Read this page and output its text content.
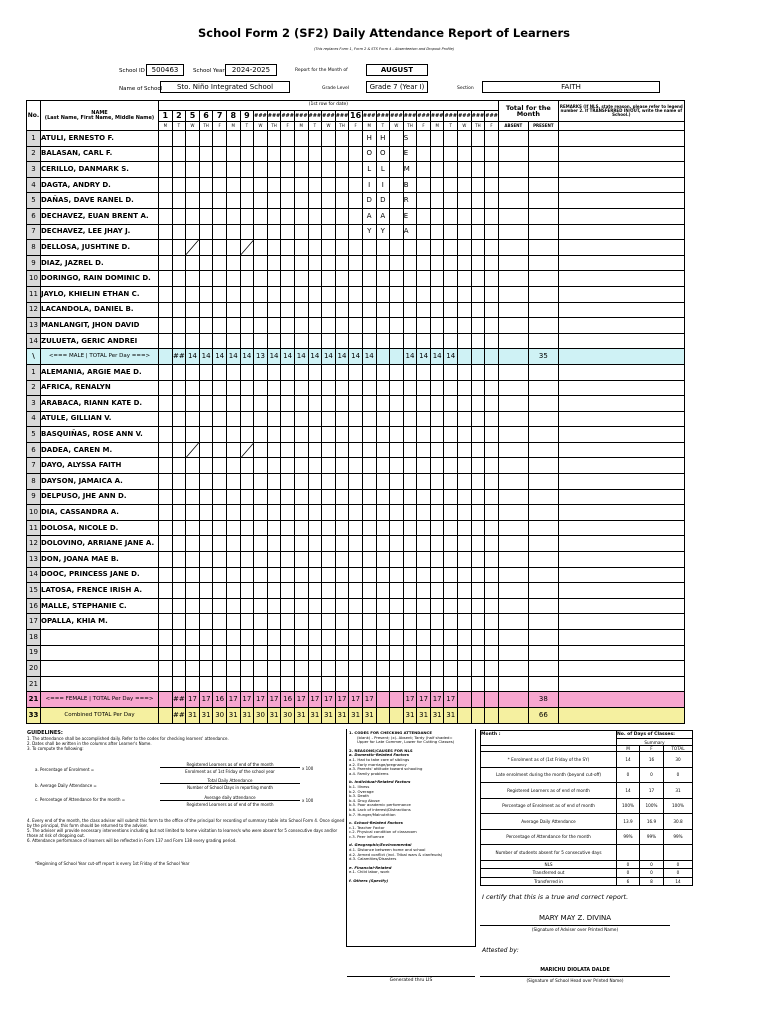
School Form 2 (SF2) Daily Attendance Report of Learners
(This replaces Form 1, Form 2 & STS Form 4 - Absenteeism and Dropout Profile)
School ID 500463	School Year	2024-2025	Report for the Month of	AUGUST
Name of School	Sto. Niño Integrated School	Grade Level	Grade 7 (Year I)	Section	FAITH
No.	NAME
(Last Name, First Name, Middle Name)	(1st row for date)																									Total for the Month		REMARKS (If NLS, state reason, please refer to legend number 2. If TRANSFERRED IN/OUT, write the name of School.)
		1	2	5	6	7	8	9	###	###	###	###	###	###	###	16	###	###	###	###	###	###	###	###	###	###			
		M	T	W	TH	F	M	T	W	TH	F	M	T	W	TH	F	M	T	W	TH	F	M	T	W	TH	F	ABSENT	PRESENT	
1	ATULI, ERNESTO F.																H	H		S									
2	BALASAN, CARL F.																O	O		E									
3	CERILLO, DANMARK S.																L	L		M									
4	DAGTA, ANDRY D.																I	I		B									
5	DAÑAS, DAVE RANEL D.																D	D		R									
6	DECHAVEZ, EUAN BRENT A.																A	A		E									
7	DECHAVEZ, LEE JHAY J.																Y	Y		A									
8	DELLOSA, JUSHTINE D.			

9	DIAZ, JAZREL D.																												
10	DORINGO, RAIN DOMINIC D.																												
11	JAYLO, KHIELIN ETHAN C.																												
12	LACANDOLA, DANIEL B.																												
13	MANLANGIT, JHON DAVID																												
14	ZULUETA, GERIC ANDREI																												
\	<=== MALE | TOTAL Per Day ===>		##	14	14	14	14	14	13	14	14	14	14	14	14	14	14			14	14	14	14					35	
1	ALEMANIA, ARGIE MAE D.																												
2	AFRICA, RENALYN																												
3	ARABACA, RIANN KATE D.																												
4	ATULE, GILLIAN V.																												
5	BASQUIÑAS, ROSE ANN V.																												
6	DADEA, CAREN M.			

7	DAYO, ALYSSA FAITH																												
8	DAYSON, JAMAICA A.																												
9	DELPUSO, JHE ANN D.																												
10	DIA, CASSANDRA A.																												
11	DOLOSA, NICOLE D.																												
12	DOLOVINO, ARRIANE JANE A.																												
13	DON, JOANA MAE B.																												
14	DOOC, PRINCESS JANE D.																												
15	LATOSA, FRENCE IRISH A.																												
16	MALLE, STEPHANIE C.																												
17	OPALLA, KHIA M.																												
18																													
19																													
20																													
21																													
21	<=== FEMALE | TOTAL Per Day ===>		##	17	17	16	17	17	17	17	16	17	17	17	17	17	17			17	17	17	17					38	
33	Combined TOTAL Per Day		##	31	31	30	31	31	30	31	30	31	31	31	31	31	31			31	31	31	31					66	
GUIDELINES:
1. The attendance shall be accomplished daily. Refer to the codes for checking learners' attendance.
2. Dates shall be written in the columns after Learner's Name.
3. To compute the following:
a. Percentage of Enrolment =
Registered Learners as of end of the month
Enrolment as of 1st Friday of the school year
x 100
b. Average Daily Attendance =
Total Daily Attendance
Number of School Days in reporting month
c. Percentage of Attendance for the month =	Average daily attendance
Registered Learners as of end of the month
x 100
4. Every end of the month, the class adviser will submit this form to the office of the principal for recording of summary table into School Form 4. Once signed by the principal, this form should be returned to the adviser.
5. The adviser will provide necessary interventions including but not limited to home visitation to learner/s who were absent for 5 consecutive days and/or those at risk of dropping out.
6. Attendance performance of learners will be reflected in Form 137 and Form 138 every grading period.
*Beginning of School Year cut-off report is every 1st Friday of the School Year
1. CODES FOR CHECKING ATTENDANCE
(blank) - Present; (x)- Absent; Tardy (half shaded= Upper for Late Commer, Lower for Cutting Classes)
2. REASONS/CAUSES FOR NLS
a. Domestic-Related Factors
a.1. Had to take care of siblings
a.2. Early marriage/pregnancy
a.3. Parents' attitude toward schooling
a.4. Family problems
b. Individual-Related Factors
b.1. Illness
b.2. Overage
b.3. Death
b.4. Drug Abuse
b.5. Poor academic performance
b.6. Lack of interest/Distractions
b.7. Hunger/Malnutrition
c. School-Related Factors
c.1. Teacher Factor
c.2. Physical condition of classroom
c.3. Peer influence
d. Geographic/Environmental
d.1. Distance between home and school
d.2. Armed conflict (incl. Tribal wars & clanfeuds)
d.3. Calamities/Disasters
e. Financial-Related
e.1. Child labor, work
f. Others (Specify)
Month :	No. of Days of Classes:		
	Summary		
	M	F	TOTAL
* Enrolment as of (1st Friday of the SY)	14	16	30
Late enrolment during the month (beyond cut-off)	0	0	0
Registered Learners as of end of month	14	17	31
Percentage of Enrolment as of end of month	100%	100%	100%
Average Daily Attendance	13.9	16.9	30.8
Percentage of Attendance for the month	99%	99%	99%
Number of students absent for 5 consecutive days			
NLS	0	0	0
Transferred out	0	0	0
Transferred in	6	8	14
I certify that this is a true and correct report.
MARY MAY Z. DIVINA
(Signature of Adviser over Printed Name)
Attested by:
MARICHU DIOLATA DALDE
(Signature of School Head over Printed Name)
Generated thru LIS
